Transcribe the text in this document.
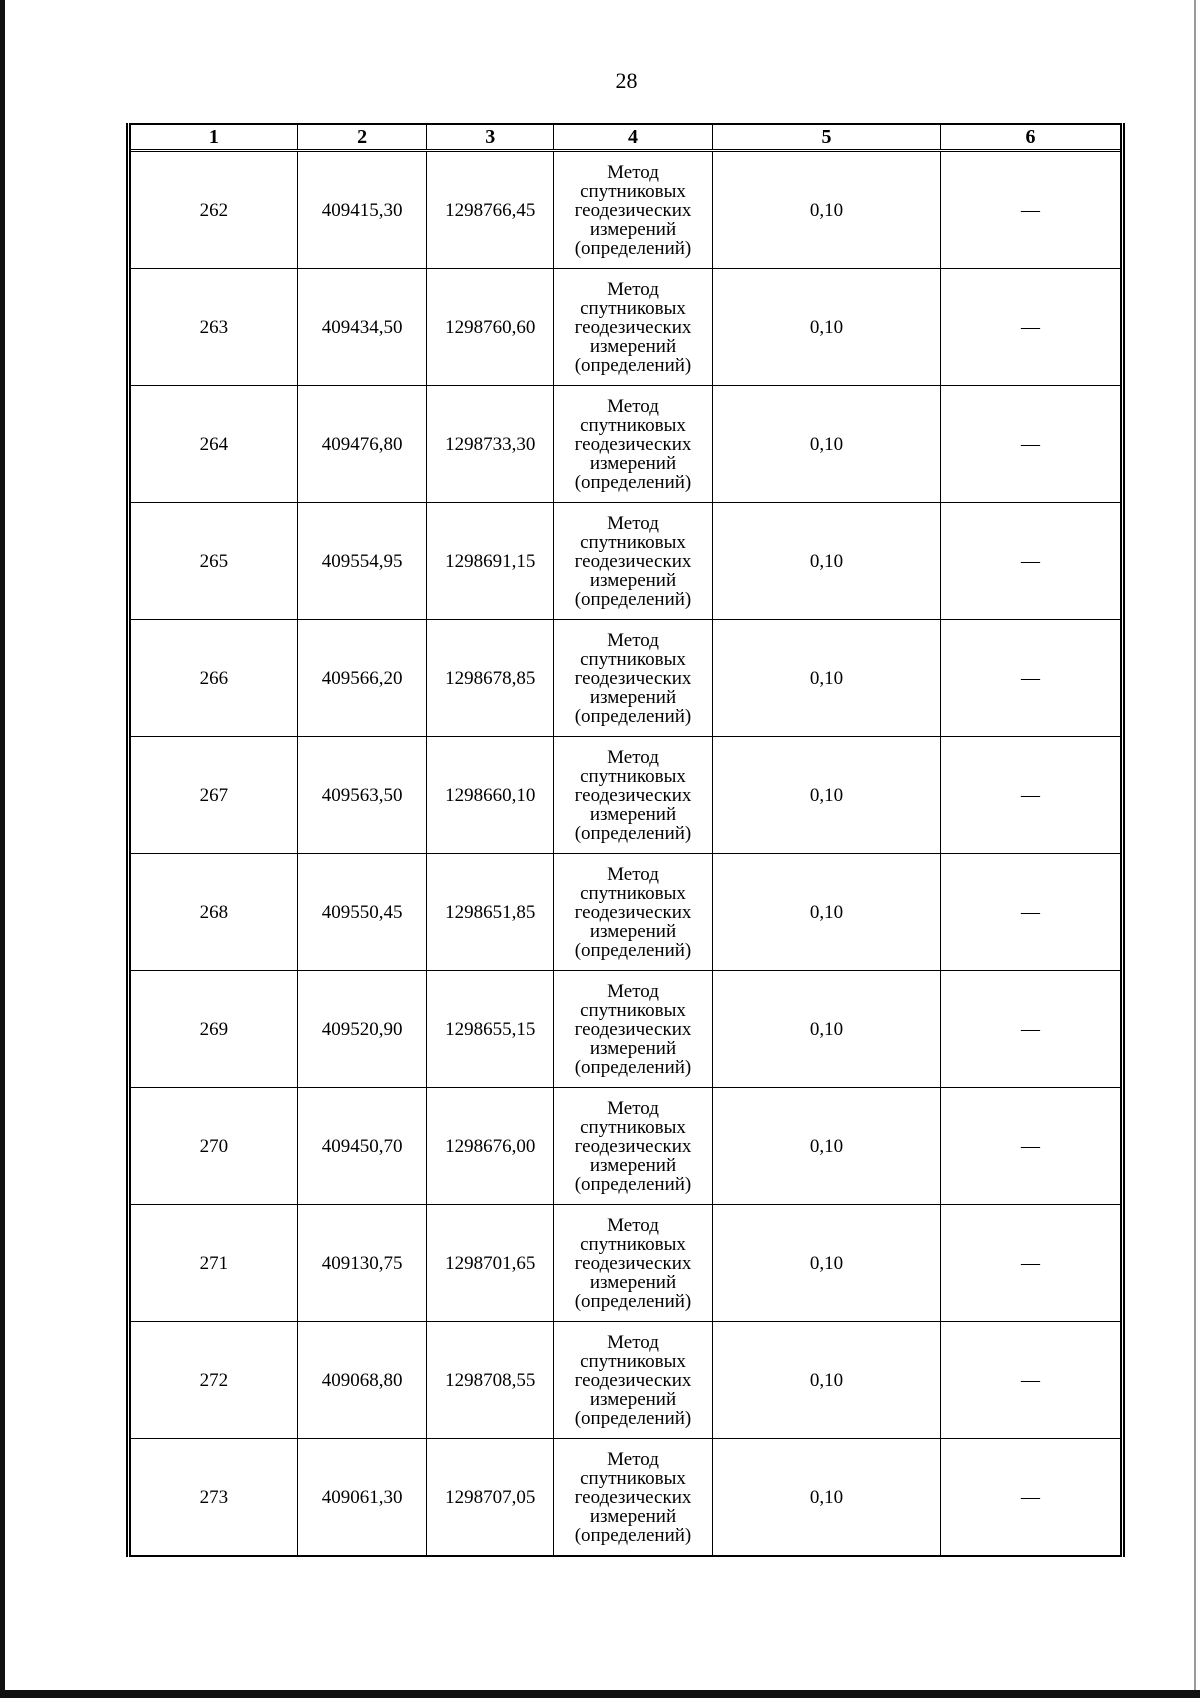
28
1	2	3	4	5	6
262	409415,30	1298766,45	Метод
спутниковых
геодезических
измерений
(определений)	0,10	—
263	409434,50	1298760,60	Метод
спутниковых
геодезических
измерений
(определений)	0,10	—
264	409476,80	1298733,30	Метод
спутниковых
геодезических
измерений
(определений)	0,10	—
265	409554,95	1298691,15	Метод
спутниковых
геодезических
измерений
(определений)	0,10	—
266	409566,20	1298678,85	Метод
спутниковых
геодезических
измерений
(определений)	0,10	—
267	409563,50	1298660,10	Метод
спутниковых
геодезических
измерений
(определений)	0,10	—
268	409550,45	1298651,85	Метод
спутниковых
геодезических
измерений
(определений)	0,10	—
269	409520,90	1298655,15	Метод
спутниковых
геодезических
измерений
(определений)	0,10	—
270	409450,70	1298676,00	Метод
спутниковых
геодезических
измерений
(определений)	0,10	—
271	409130,75	1298701,65	Метод
спутниковых
геодезических
измерений
(определений)	0,10	—
272	409068,80	1298708,55	Метод
спутниковых
геодезических
измерений
(определений)	0,10	—
273	409061,30	1298707,05	Метод
спутниковых
геодезических
измерений
(определений)	0,10	—
